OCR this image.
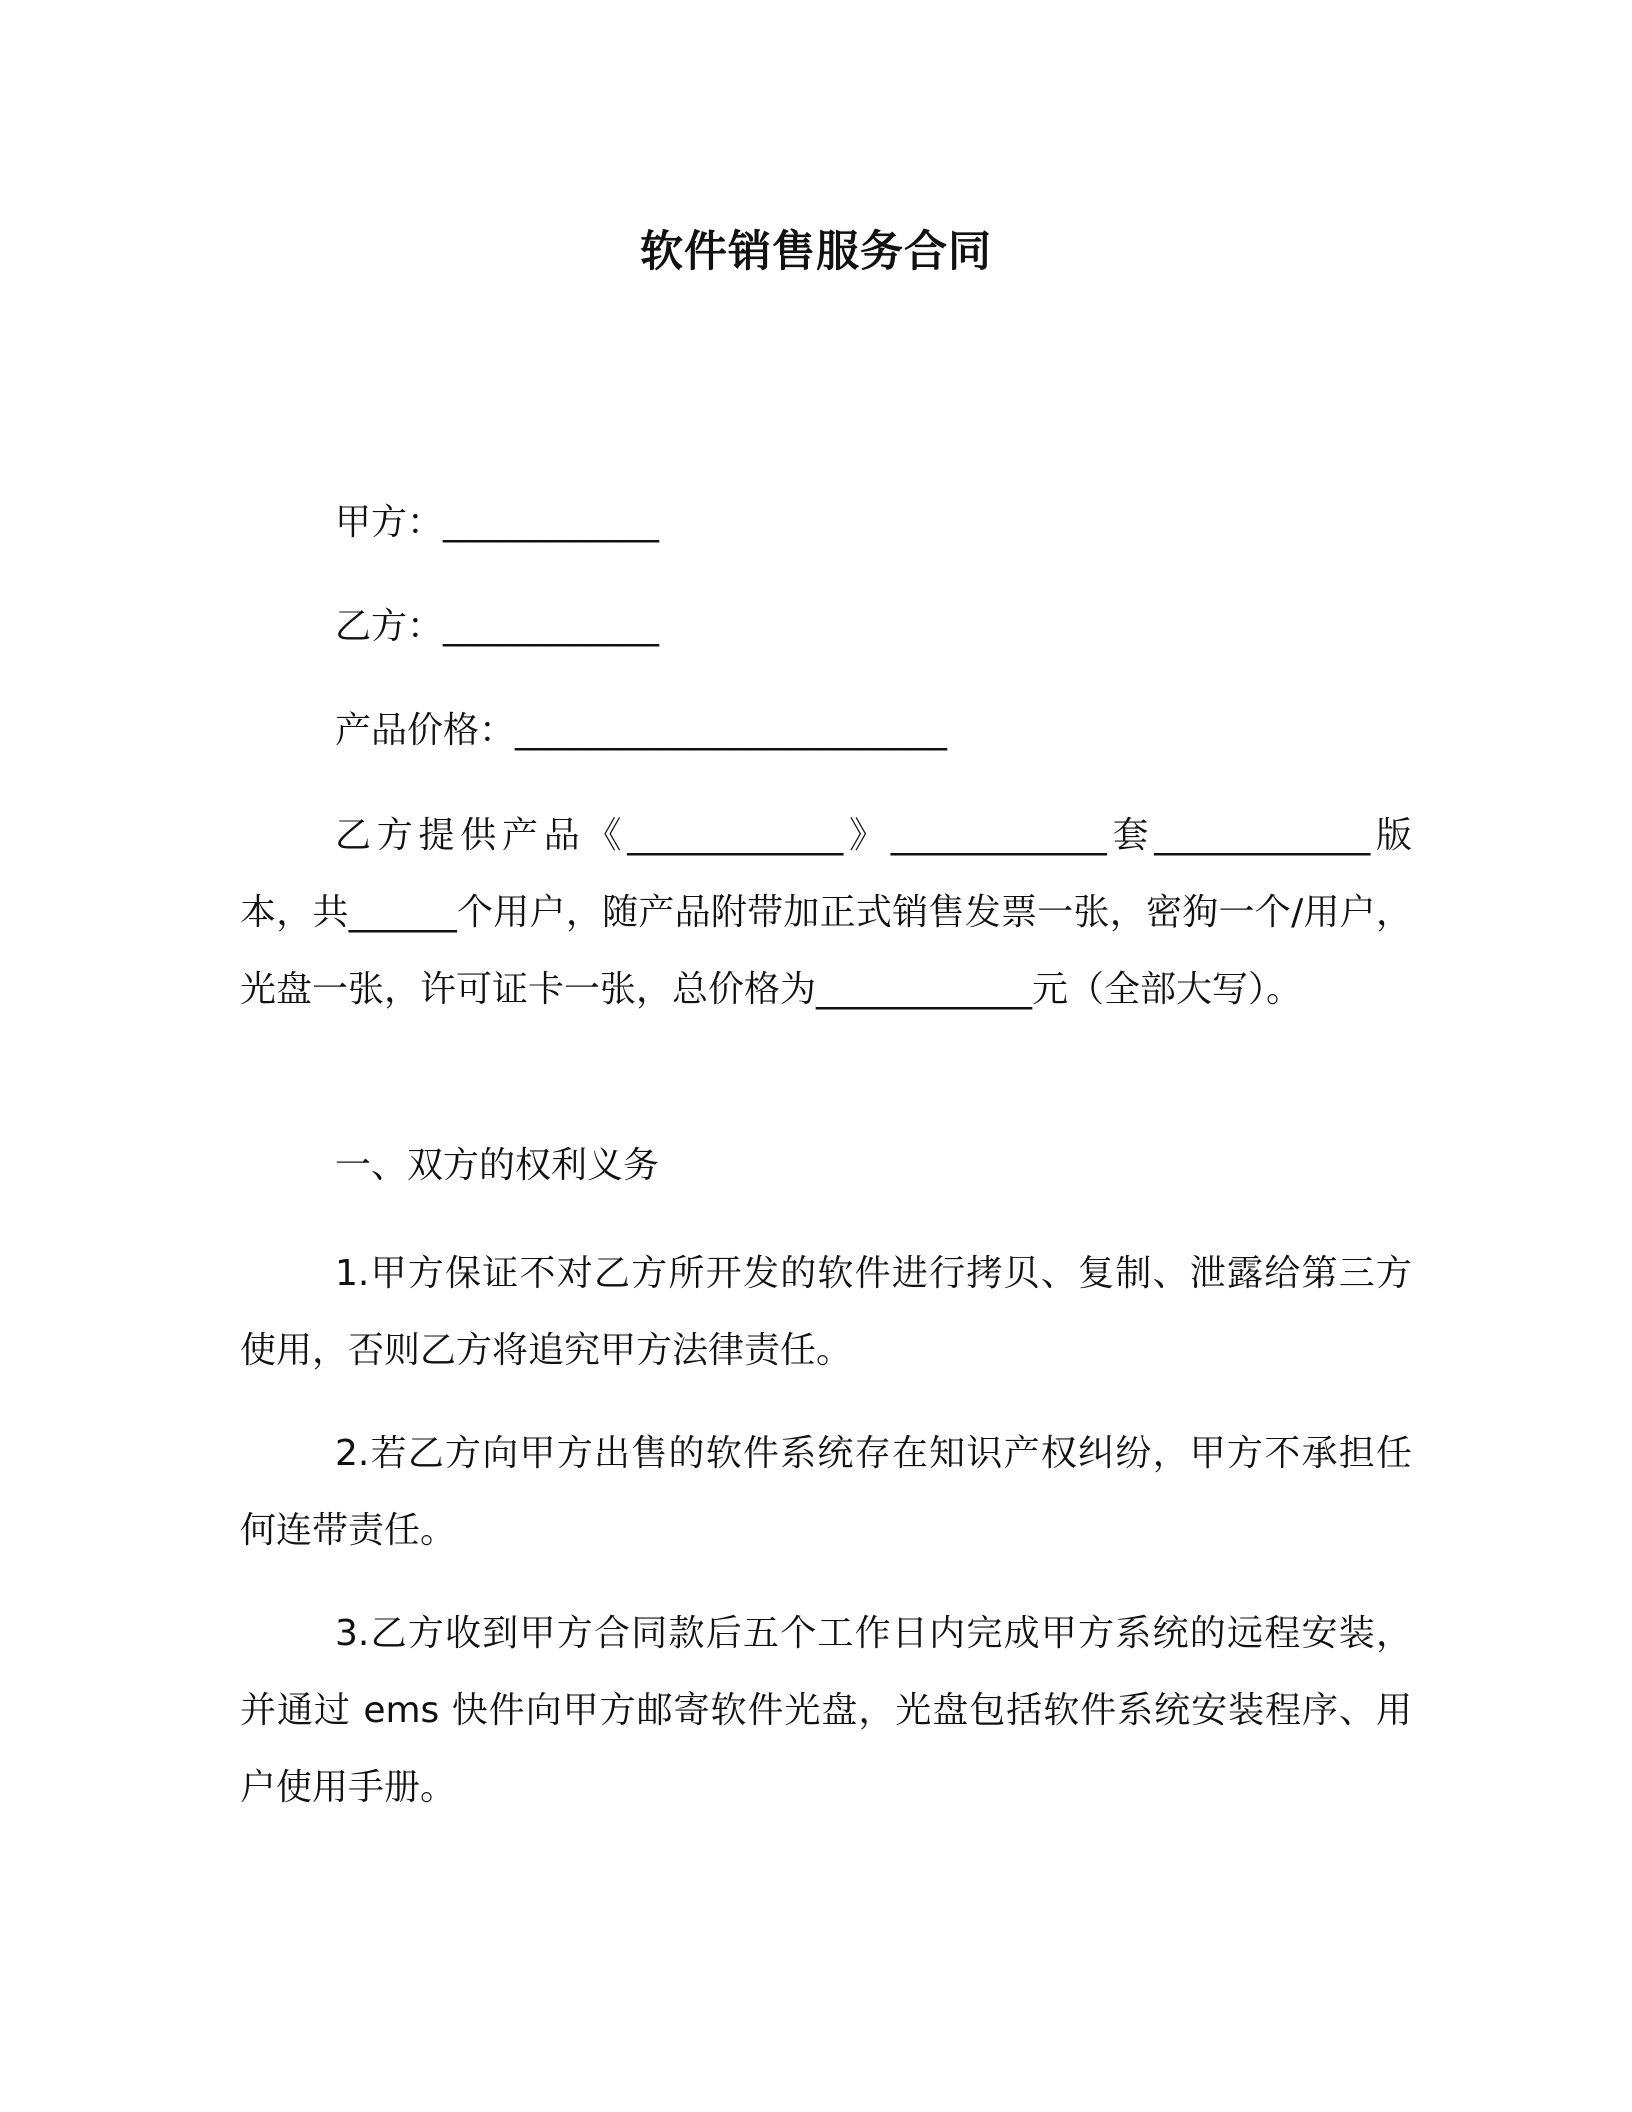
软件销售服务合同
甲方：____________
乙方：____________
产品价格：________________________
乙方提供产品《____________》____________套____________版本，共______个用户，随产品附带加正式销售发票一张，密狗一个/用户，光盘一张，许可证卡一张，总价格为____________元（全部大写）。
一、双方的权利义务
1.甲方保证不对乙方所开发的软件进行拷贝、复制、泄露给第三方使用，否则乙方将追究甲方法律责任。
2.若乙方向甲方出售的软件系统存在知识产权纠纷，甲方不承担任何连带责任。
3.乙方收到甲方合同款后五个工作日内完成甲方系统的远程安装，并通过 ems 快件向甲方邮寄软件光盘，光盘包括软件系统安装程序、用户使用手册。
